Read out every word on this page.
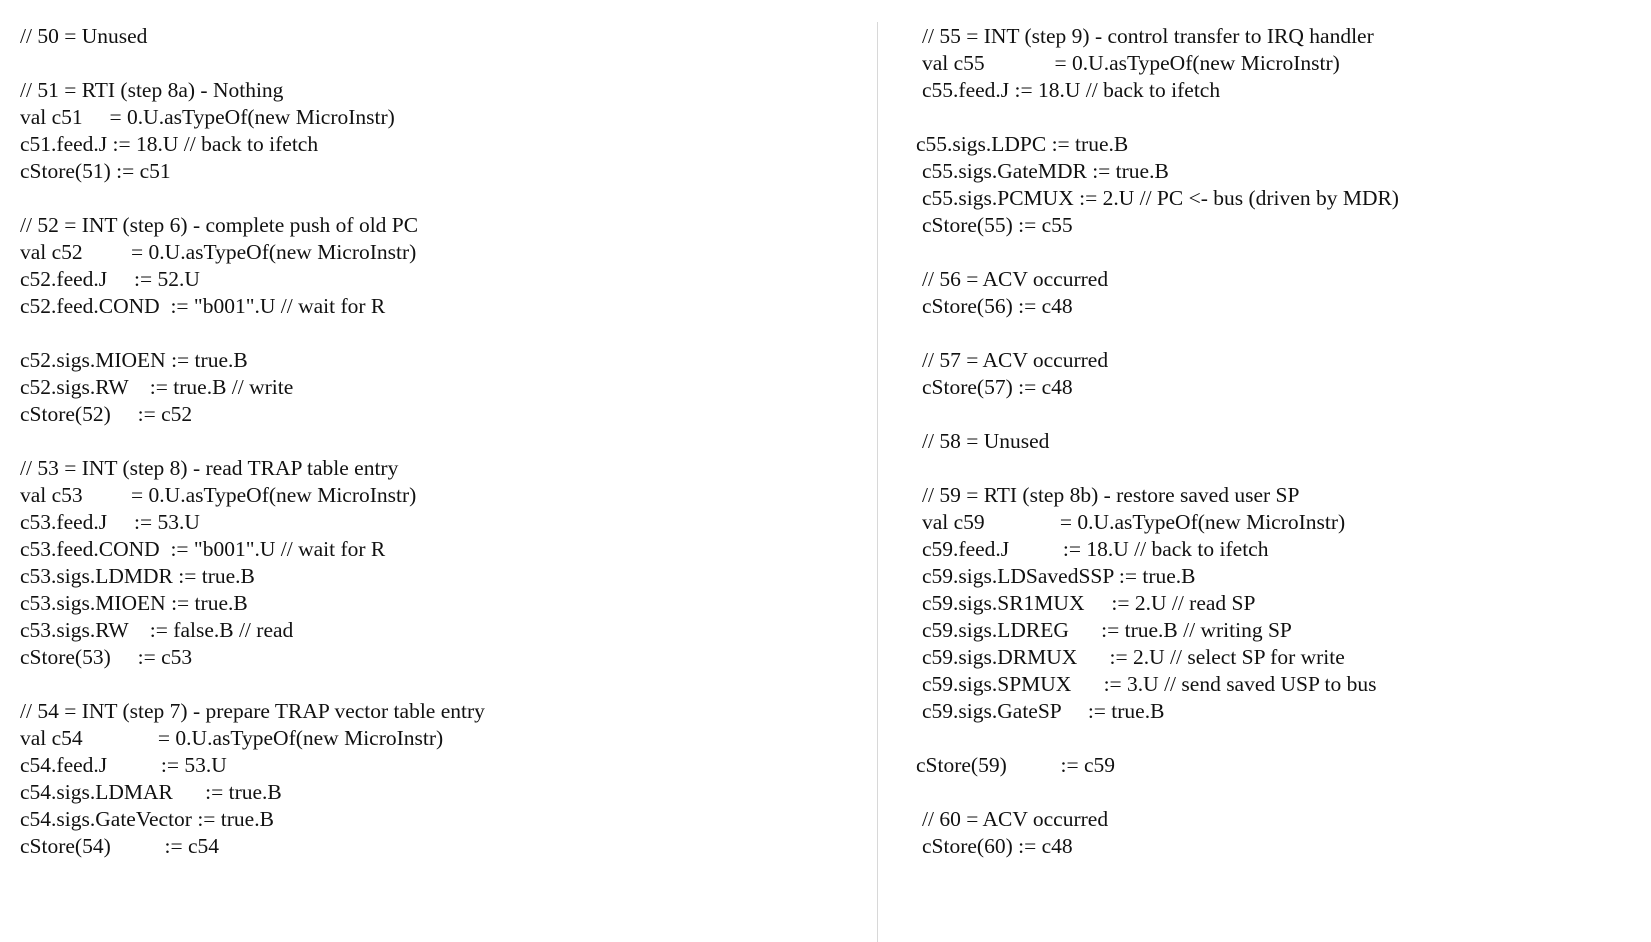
// 50 = Unused
// 51 = RTI (step 8a) - Nothing
val c51     = 0.U.asTypeOf(new MicroInstr)
c51.feed.J := 18.U // back to ifetch
cStore(51) := c51
// 52 = INT (step 6) - complete push of old PC
val c52         = 0.U.asTypeOf(new MicroInstr)
c52.feed.J     := 52.U
c52.feed.COND  := "b001".U // wait for R
c52.sigs.MIOEN := true.B
c52.sigs.RW    := true.B // write
cStore(52)     := c52
// 53 = INT (step 8) - read TRAP table entry
val c53         = 0.U.asTypeOf(new MicroInstr)
c53.feed.J     := 53.U
c53.feed.COND  := "b001".U // wait for R
c53.sigs.LDMDR := true.B
c53.sigs.MIOEN := true.B
c53.sigs.RW    := false.B // read
cStore(53)     := c53
// 54 = INT (step 7) - prepare TRAP vector table entry
val c54              = 0.U.asTypeOf(new MicroInstr)
c54.feed.J          := 53.U
c54.sigs.LDMAR      := true.B
c54.sigs.GateVector := true.B
cStore(54)          := c54
// 55 = INT (step 9) - control transfer to IRQ handler
val c55             = 0.U.asTypeOf(new MicroInstr)
c55.feed.J := 18.U // back to ifetch
c55.sigs.LDPC := true.B
c55.sigs.GateMDR := true.B
c55.sigs.PCMUX := 2.U // PC <- bus (driven by MDR)
cStore(55) := c55
// 56 = ACV occurred
cStore(56) := c48
// 57 = ACV occurred
cStore(57) := c48
// 58 = Unused
// 59 = RTI (step 8b) - restore saved user SP
val c59              = 0.U.asTypeOf(new MicroInstr)
c59.feed.J          := 18.U // back to ifetch
c59.sigs.LDSavedSSP := true.B
c59.sigs.SR1MUX     := 2.U // read SP
c59.sigs.LDREG      := true.B // writing SP
c59.sigs.DRMUX      := 2.U // select SP for write
c59.sigs.SPMUX      := 3.U // send saved USP to bus
c59.sigs.GateSP     := true.B
cStore(59)          := c59
// 60 = ACV occurred
cStore(60) := c48
